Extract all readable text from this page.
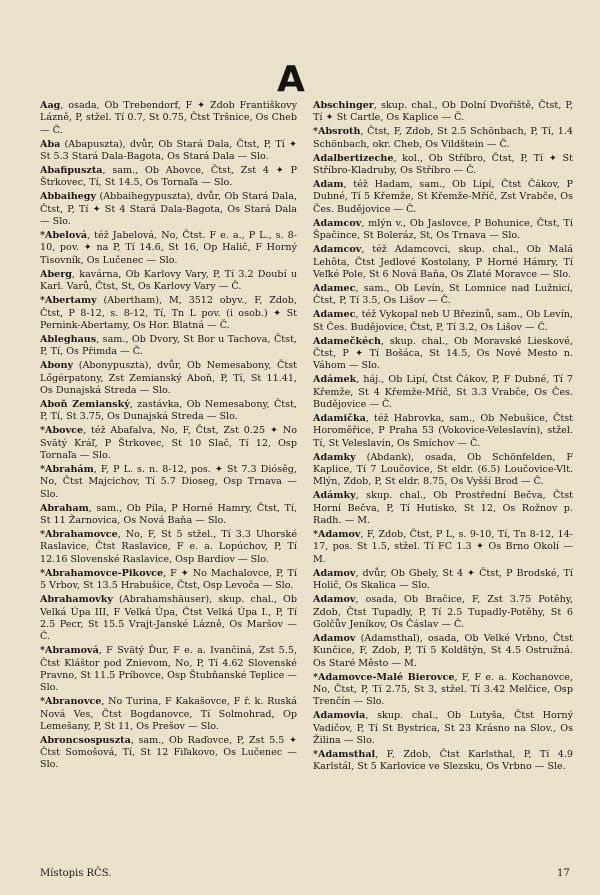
A

Aag, osada, Ob Trebendorf, F ✦ Zdob Františkovy Lázně, P, stžel. Tí 0.7, St 0.75, Čtst Tršnice, Os Cheb — Č.

Aba (Abapuszta), dvůr, Ob Stará Dala, Čtst, P, Tí ✦ St 5.3 Stará Dala-Bagota, Os Stará Dala — Slo.

Abafipuszta, sam., Ob Abovce, Čtst, Zst 4 ✦ P Štrkovec, Tí, St 14.5, Os Tornaľa — Slo.

Abbaihegy (Abbaihegypuszta), dvůr, Ob Stará Dala, Čtst, P, Tí ✦ St 4 Stará Dala-Bagota, Os Stará Dala — Slo.

*Abelová, též Jabelová, No, Čtst. F e. a., P L., s. 8-10, pov. ✦ na P, Tí 14.6, St 16, Op Halič, F Horný Tisovník, Os Lučenec — Slo.

Aberg, kavárna, Ob Karlovy Vary, P, Tí 3.2 Doubí u Karl. Varů, Čtst, St, Os Karlovy Vary — Č.

*Abertamy (Abertham), M, 3512 obyv., F, Zdob, Čtst, P 8-12, s. 8-12, Tí, Tn L pov. (i osob.) ✦ St Pernink-Abertamy, Os Hor. Blatná — Č.

Ableghaus, sam., Ob Dvory, St Bor u Tachova, Čtst, P, Tí, Os Přimda — Č.

Abony (Abonypuszta), dvůr, Ob Nemesabony, Čtst Lőgérpatony, Zst Zemianský Aboň, P, Tí, St 11.41, Os Dunajská Streda — Slo.

Aboň Zemianský, zastávka, Ob Nemesabony, Čtst, P, Tí, St 3.75, Os Dunajská Streda — Slo.

*Abovce, též Abafalva, No, F, Čtst, Zst 0.25 ✦ No Svätý Kráľ, P Štrkovec, St 10 Slač, Tí 12, Osp Tornaľa — Slo.

*Abrahám, F, P L. s. n. 8-12, pos. ✦ St 7.3 Diósěg, No, Čtst Majcichov, Tí 5.7 Dioseg, Osp Trnava — Slo.

Abraham, sam., Ob Píla, P Horné Hamry, Čtst, Tí, St 11 Žarnovica, Os Nová Baňa — Slo.

*Abrahamovce, No, F, St 5 stžel., Tí 3.3 Uhorské Raslavice, Čtst Raslavice, F e. a. Lopúchov, P, Tí 12.16 Slovenské Raslavice, Osp Bardiov — Slo.

*Abrahamovce-Pikovce, F ✦ No Machalovce, P, Tí 5 Vrbov, St 13.5 Hrabušice, Čtst, Osp Levoča — Slo.

Abrahamovky (Abrahamshäuser), skup. chal., Ob Velká Úpa III, F Velká Úpa, Čtst Velká Úpa I., P, Tí 2.5 Pecr, St 15.5 Vrajt-Janské Lázně, Os Maršov — Č.

*Abramová, F Svätý Ďur, F e. a. Ivančiná, Zst 5.5, Čtst Kláštor pod Znievom, No, P, Tí 4.62 Slovenské Pravno, St 11.5 Príbovce, Osp Štubňanské Teplice — Slo.

*Abranovce, No Turina, F Kakašovce, F ř. k. Ruská Nová Ves, Čtst Bogdanovce, Tí Solmohrad, Op Lemešany, P, St 11, Os Prešov — Slo.

Abroncsospuszta, sam., Ob Raďovce, P, Zst 5.5 ✦ Čtst Somošová, Tí, St 12 Fiľakovo, Os Lučenec — Slo.

Abschinger, skup. chal., Ob Dolní Dvořiště, Čtst, P, Tí ✦ St Cartle, Os Kaplice — Č.

*Absroth, Čtst, F, Zdob, St 2.5 Schönbach, P, Tí, 1.4 Schönbach, okr. Cheb, Os Vildštein — Č.

Adalbertizeche, kol., Ob Stříbro, Čtst, P, Tí ✦ St Stříbro-Kladruby, Os Stříbro — Č.

Adam, též Hadam, sam., Ob Lipí, Čtst Čákov, P Dubné, Tí 5 Křemže, St Křemže-Mříč, Zst Vrabče, Os Čes. Budějovice — Č.

Adamcov, mlýn v., Ob Jaslovce, P Bohunice, Čtst, Tí Špačince, St Boleráz, St, Os Trnava — Slo.

Adamcov, též Adamcovci, skup. chal., Ob Malá Lehôta, Čtst Jedlové Kostolany, P Horné Hámry, Tí Veľké Pole, St 6 Nová Baňa, Os Zlaté Moravce — Slo.

Adamec, sam., Ob Levín, St Lomnice nad Lužnicí, Čtst, P, Tí 3.5, Os Lišov — Č.

Adamec, též Vykopal neb U Březinů, sam., Ob Levín, St Čes. Budějovice, Čtst, P, Tí 3.2, Os Lišov — Č.

Adamečkéch, skup. chal., Ob Moravské Lieskové, Čtst, P ✦ Tí Bošáca, St 14.5, Os Nové Mesto n. Váhom — Slo.

Adámek, háj., Ob Lipí, Čtst Čákov, P, F Dubné, Tí 7 Křemže, St 4 Křemže-Mříč, St 3.3 Vrabče, Os Čes. Budějovice — Č.

Adamička, též Habrovka, sam., Ob Nebušice, Čtst Horoměřice, P Praha 53 (Vokovice-Veleslavín), stžel. Tí, St Veleslavín, Os Smíchov — Č.

Adamky (Abdank), osada, Ob Schönfelden, F Kaplice, Tí 7 Loučovice, St eldr. (6.5) Loučovice-Vlt. Mlýn, Zdob, P, St eldr. 8.75, Os Vyšší Brod — Č.

Adámky, skup. chal., Ob Prostřední Bečva, Čtst Horní Bečva, P, Tí Hutisko, St 12, Os Rožnov p. Radh. — M.

*Adamov, F, Zdob, Čtst, P L, s. 9-10, Tí, Tn 8-12, 14-17, pos. St 1.5, stžel. Tí FC 1.3 ✦ Os Brno Okolí — M.

Adamov, dvůr, Ob Gbely, St 4 ✦ Čtst, P Brodské, Tí Holič, Os Skalica — Slo.

Adamov, osada, Ob Bračice, F, Zst 3.75 Potěhy, Zdob, Čtst Tupadly, P, Tí 2.5 Tupadly-Potěhy, St 6 Golčův Jeníkov, Os Čáslav — Č.

Adamov (Adamsthal), osada, Ob Velké Vrbno, Čtst Kunčice, F, Zdob, P, Tí 5 Koldštýn, St 4.5 Ostružná. Os Staré Město — M.

*Adamovce-Malé Bierovce, F, F e. a. Kochanovce, No, Čtst, P, Tí 2.75, St 3, stžel. Tí 3.42 Melčice, Osp Trenčín — Slo.

Adamovia, skup. chal., Ob Lutyša, Čtst Horný Vadičov, P, Tí St Bystrica, St 23 Krásno na Slov., Os Žilina — Slo.

*Adamsthal, F, Zdob, Čtst Karlsthal, P, Tí 4.9 Karlstál, St 5 Karlovice ve Slezsku, Os Vrbno — Sle.

Místopis RČS.	17
